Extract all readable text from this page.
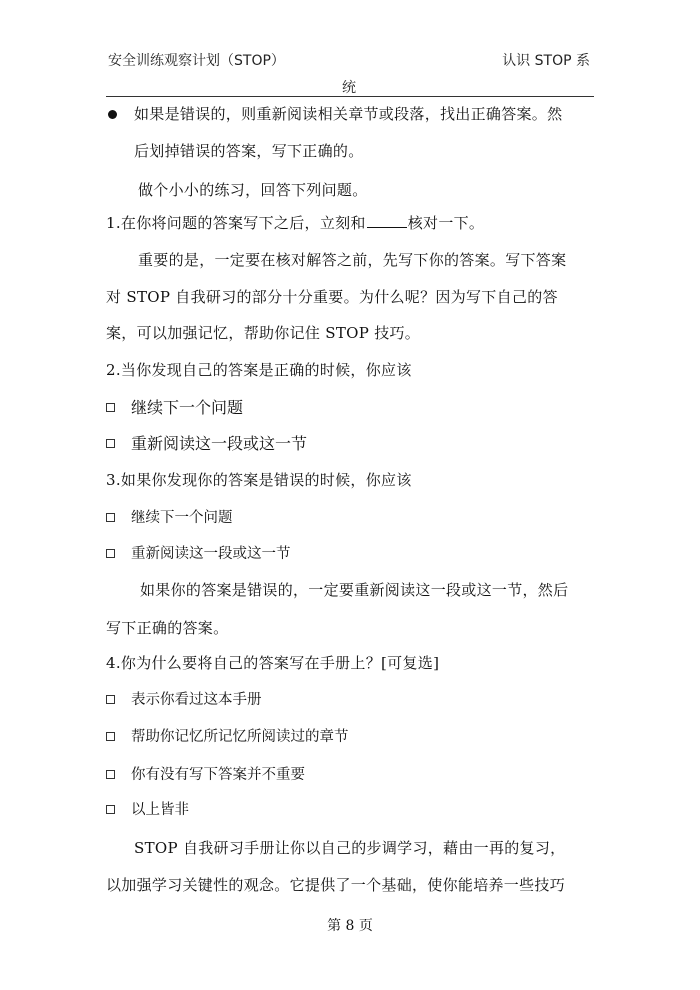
安全训练观察计划（STOP）	认识 STOP 系
统
如果是错误的，则重新阅读相关章节或段落，找出正确答案。然
后划掉错误的答案，写下正确的。
做个小小的练习，回答下列问题。
1.在你将问题的答案写下之后，立刻和	核对一下。
重要的是，一定要在核对解答之前，先写下你的答案。写下答案
对 STOP 自我研习的部分十分重要。为什么呢？因为写下自己的答
案，可以加强记忆，帮助你记住 STOP 技巧。
2.当你发现自己的答案是正确的时候，你应该
继续下一个问题
重新阅读这一段或这一节
3.如果你发现你的答案是错误的时候，你应该
继续下一个问题
重新阅读这一段或这一节
如果你的答案是错误的，一定要重新阅读这一段或这一节，然后
写下正确的答案。
4.你为什么要将自己的答案写在手册上？[可复选]
表示你看过这本手册
帮助你记忆所记忆所阅读过的章节
你有没有写下答案并不重要
以上皆非
STOP 自我研习手册让你以自己的步调学习，藉由一再的复习，
以加强学习关键性的观念。它提供了一个基础，使你能培养一些技巧
第 8 页
